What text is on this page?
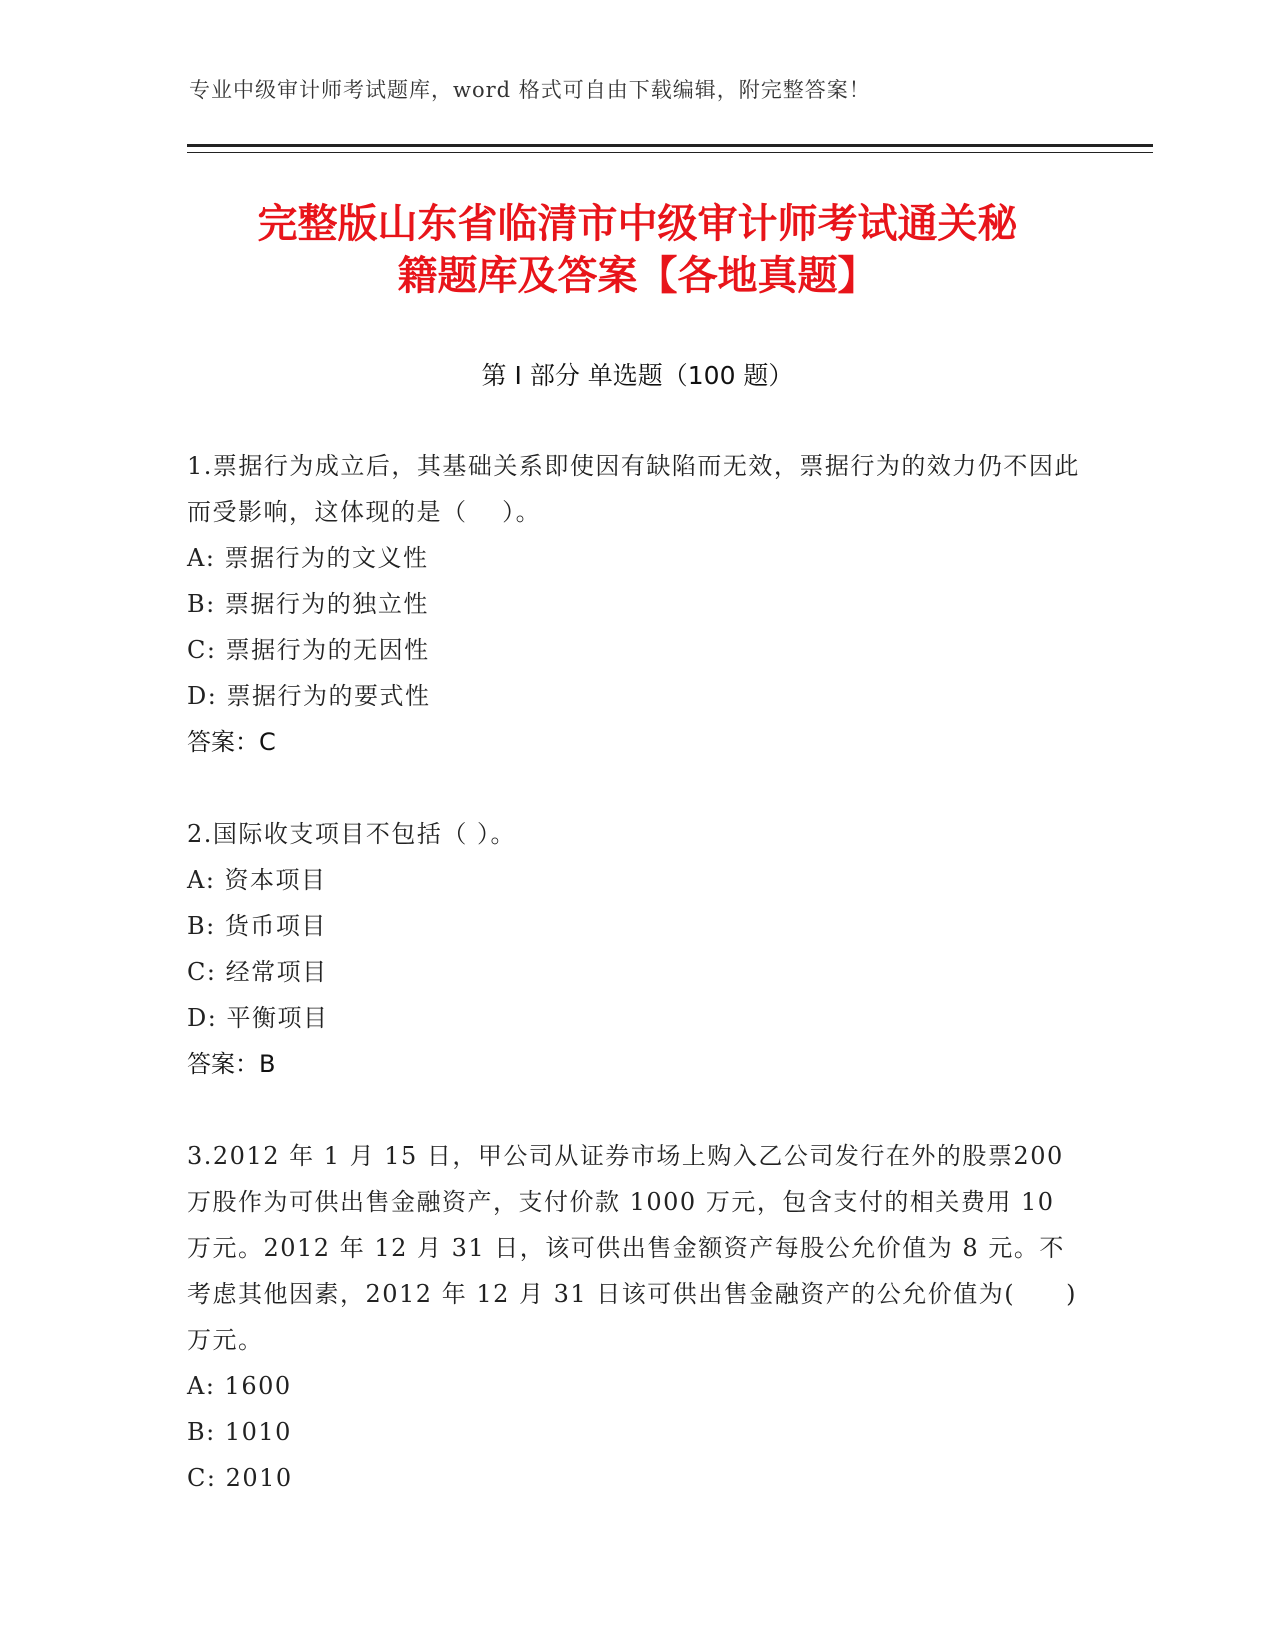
专业中级审计师考试题库，word 格式可自由下载编辑，附完整答案！
完整版山东省临清市中级审计师考试通关秘
籍题库及答案【各地真题】
第 I 部分 单选题（100 题）

1.票据行为成立后，其基础关系即使因有缺陷而无效，票据行为的效力仍不因此而受影响，这体现的是（　 ）。

A: 票据行为的文义性

B: 票据行为的独立性

C: 票据行为的无因性

D: 票据行为的要式性

答案：C

2.国际收支项目不包括（ ）。

A: 资本项目

B: 货币项目

C: 经常项目

D: 平衡项目

答案：B

3.2012 年 1 月 15 日，甲公司从证券市场上购入乙公司发行在外的股票200 万股作为可供出售金融资产，支付价款 1000 万元，包含支付的相关费用 10 万元。2012 年 12 月 31 日，该可供出售金额资产每股公允价值为 8 元。不考虑其他因素，2012 年 12 月 31 日该可供出售金融资产的公允价值为(　　)万元。

A: 1600

B: 1010

C: 2010
